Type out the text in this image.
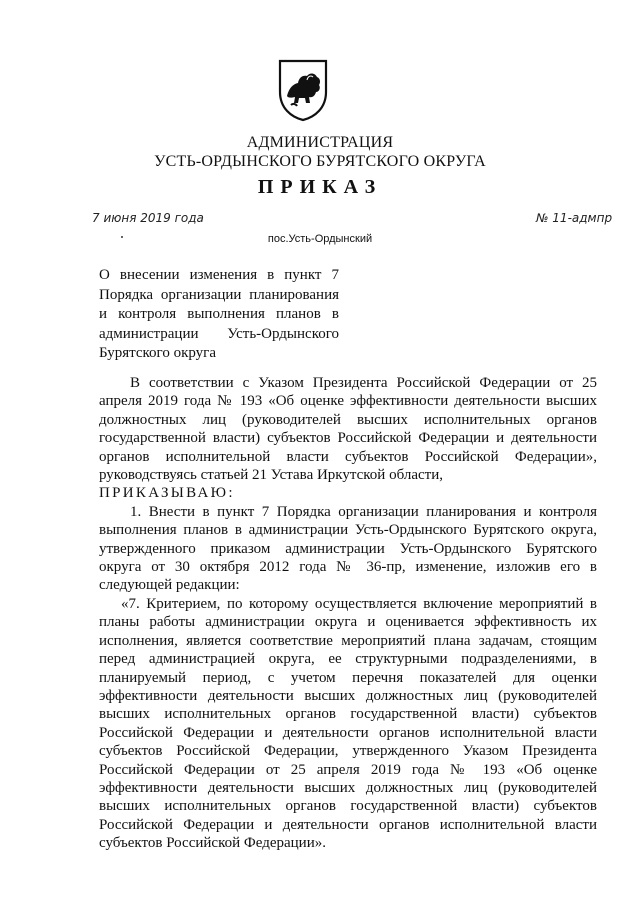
АДМИНИСТРАЦИЯ
УСТЬ-ОРДЫНСКОГО БУРЯТСКОГО ОКРУГА
ПРИКАЗ
7 июня 2019 года	№ 11-адмпр
пос.Усть-Ордынский
О внесении изменения в пункт 7 Порядка организации планирования и контроля выполнения планов в администрации Усть-Ордынского Бурятского округа

В соответствии с Указом Президента Российской Федерации от 25 апреля 2019 года № 193 «Об оценке эффективности деятельности высших должностных лиц (руководителей высших исполнительных органов государственной власти) субъектов Российской Федерации и деятельности органов исполнительной власти субъектов Российской Федерации», руководствуясь статьей 21 Устава Иркутской области,

ПРИКАЗЫВАЮ:

1. Внести в пункт 7 Порядка организации планирования и контроля выполнения планов в администрации Усть-Ордынского Бурятского округа, утвержденного приказом администрации Усть-Ордынского Бурятского округа от 30 октября 2012 года № 36-пр, изменение, изложив его в следующей редакции:

«7. Критерием, по которому осуществляется включение мероприятий в планы работы администрации округа и оценивается эффективность их исполнения, является соответствие мероприятий плана задачам, стоящим перед администрацией округа, ее структурными подразделениями, в планируемый период, с учетом перечня показателей для оценки эффективности деятельности высших должностных лиц (руководителей высших исполнительных органов государственной власти) субъектов Российской Федерации и деятельности органов исполнительной власти субъектов Российской Федерации, утвержденного Указом Президента Российской Федерации от 25 апреля 2019 года № 193 «Об оценке эффективности деятельности высших должностных лиц (руководителей высших исполнительных органов государственной власти) субъектов Российской Федерации и деятельности органов исполнительной власти субъектов Российской Федерации».
